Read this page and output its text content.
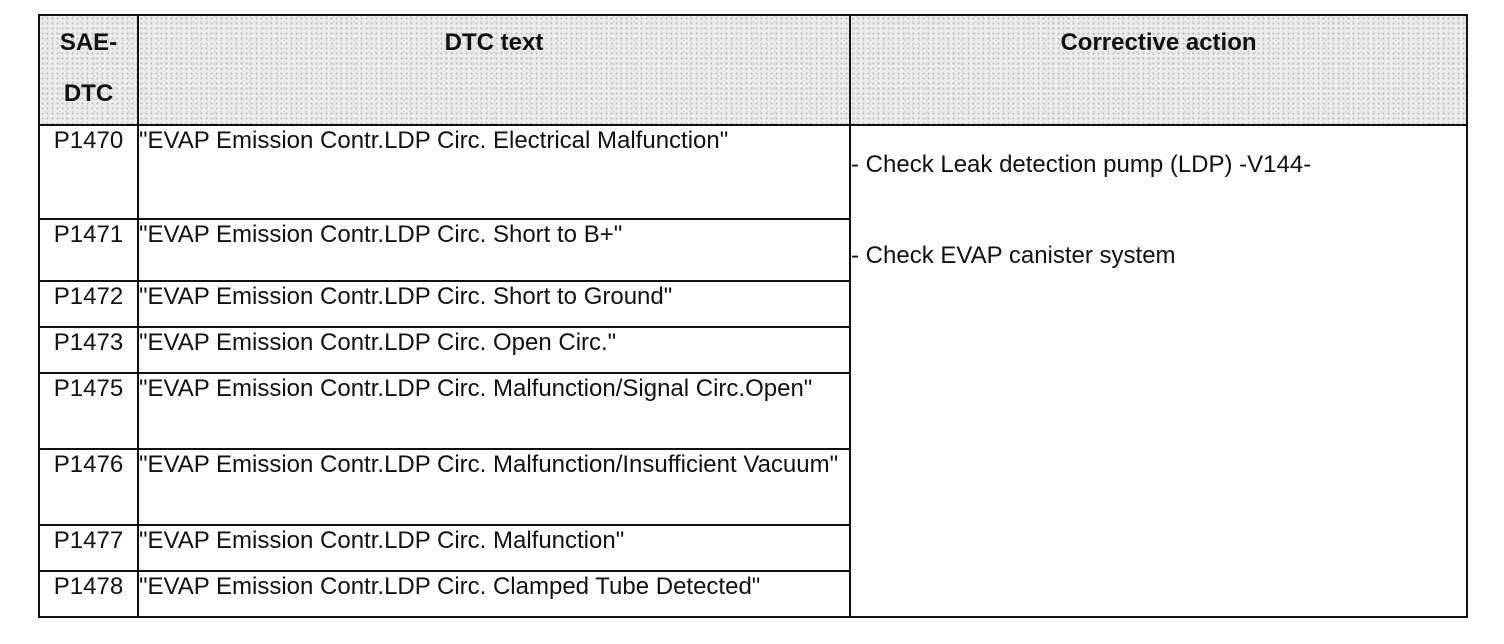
SAE-
DTC	DTC text	Corrective action

P1470	"EVAP Emission Contr.LDP Circ. Electrical Malfunction"	- Check Leak detection pump (LDP) -V144-
- Check EVAP canister system

P1471	"EVAP Emission Contr.LDP Circ. Short to B+"	
P1472	"EVAP Emission Contr.LDP Circ. Short to Ground"	
P1473	"EVAP Emission Contr.LDP Circ. Open Circ."	
P1475	"EVAP Emission Contr.LDP Circ. Malfunction/Signal Circ.Open"	
P1476	"EVAP Emission Contr.LDP Circ. Malfunction/Insufficient Vacuum"	
P1477	"EVAP Emission Contr.LDP Circ. Malfunction"	
P1478	"EVAP Emission Contr.LDP Circ. Clamped Tube Detected"	
